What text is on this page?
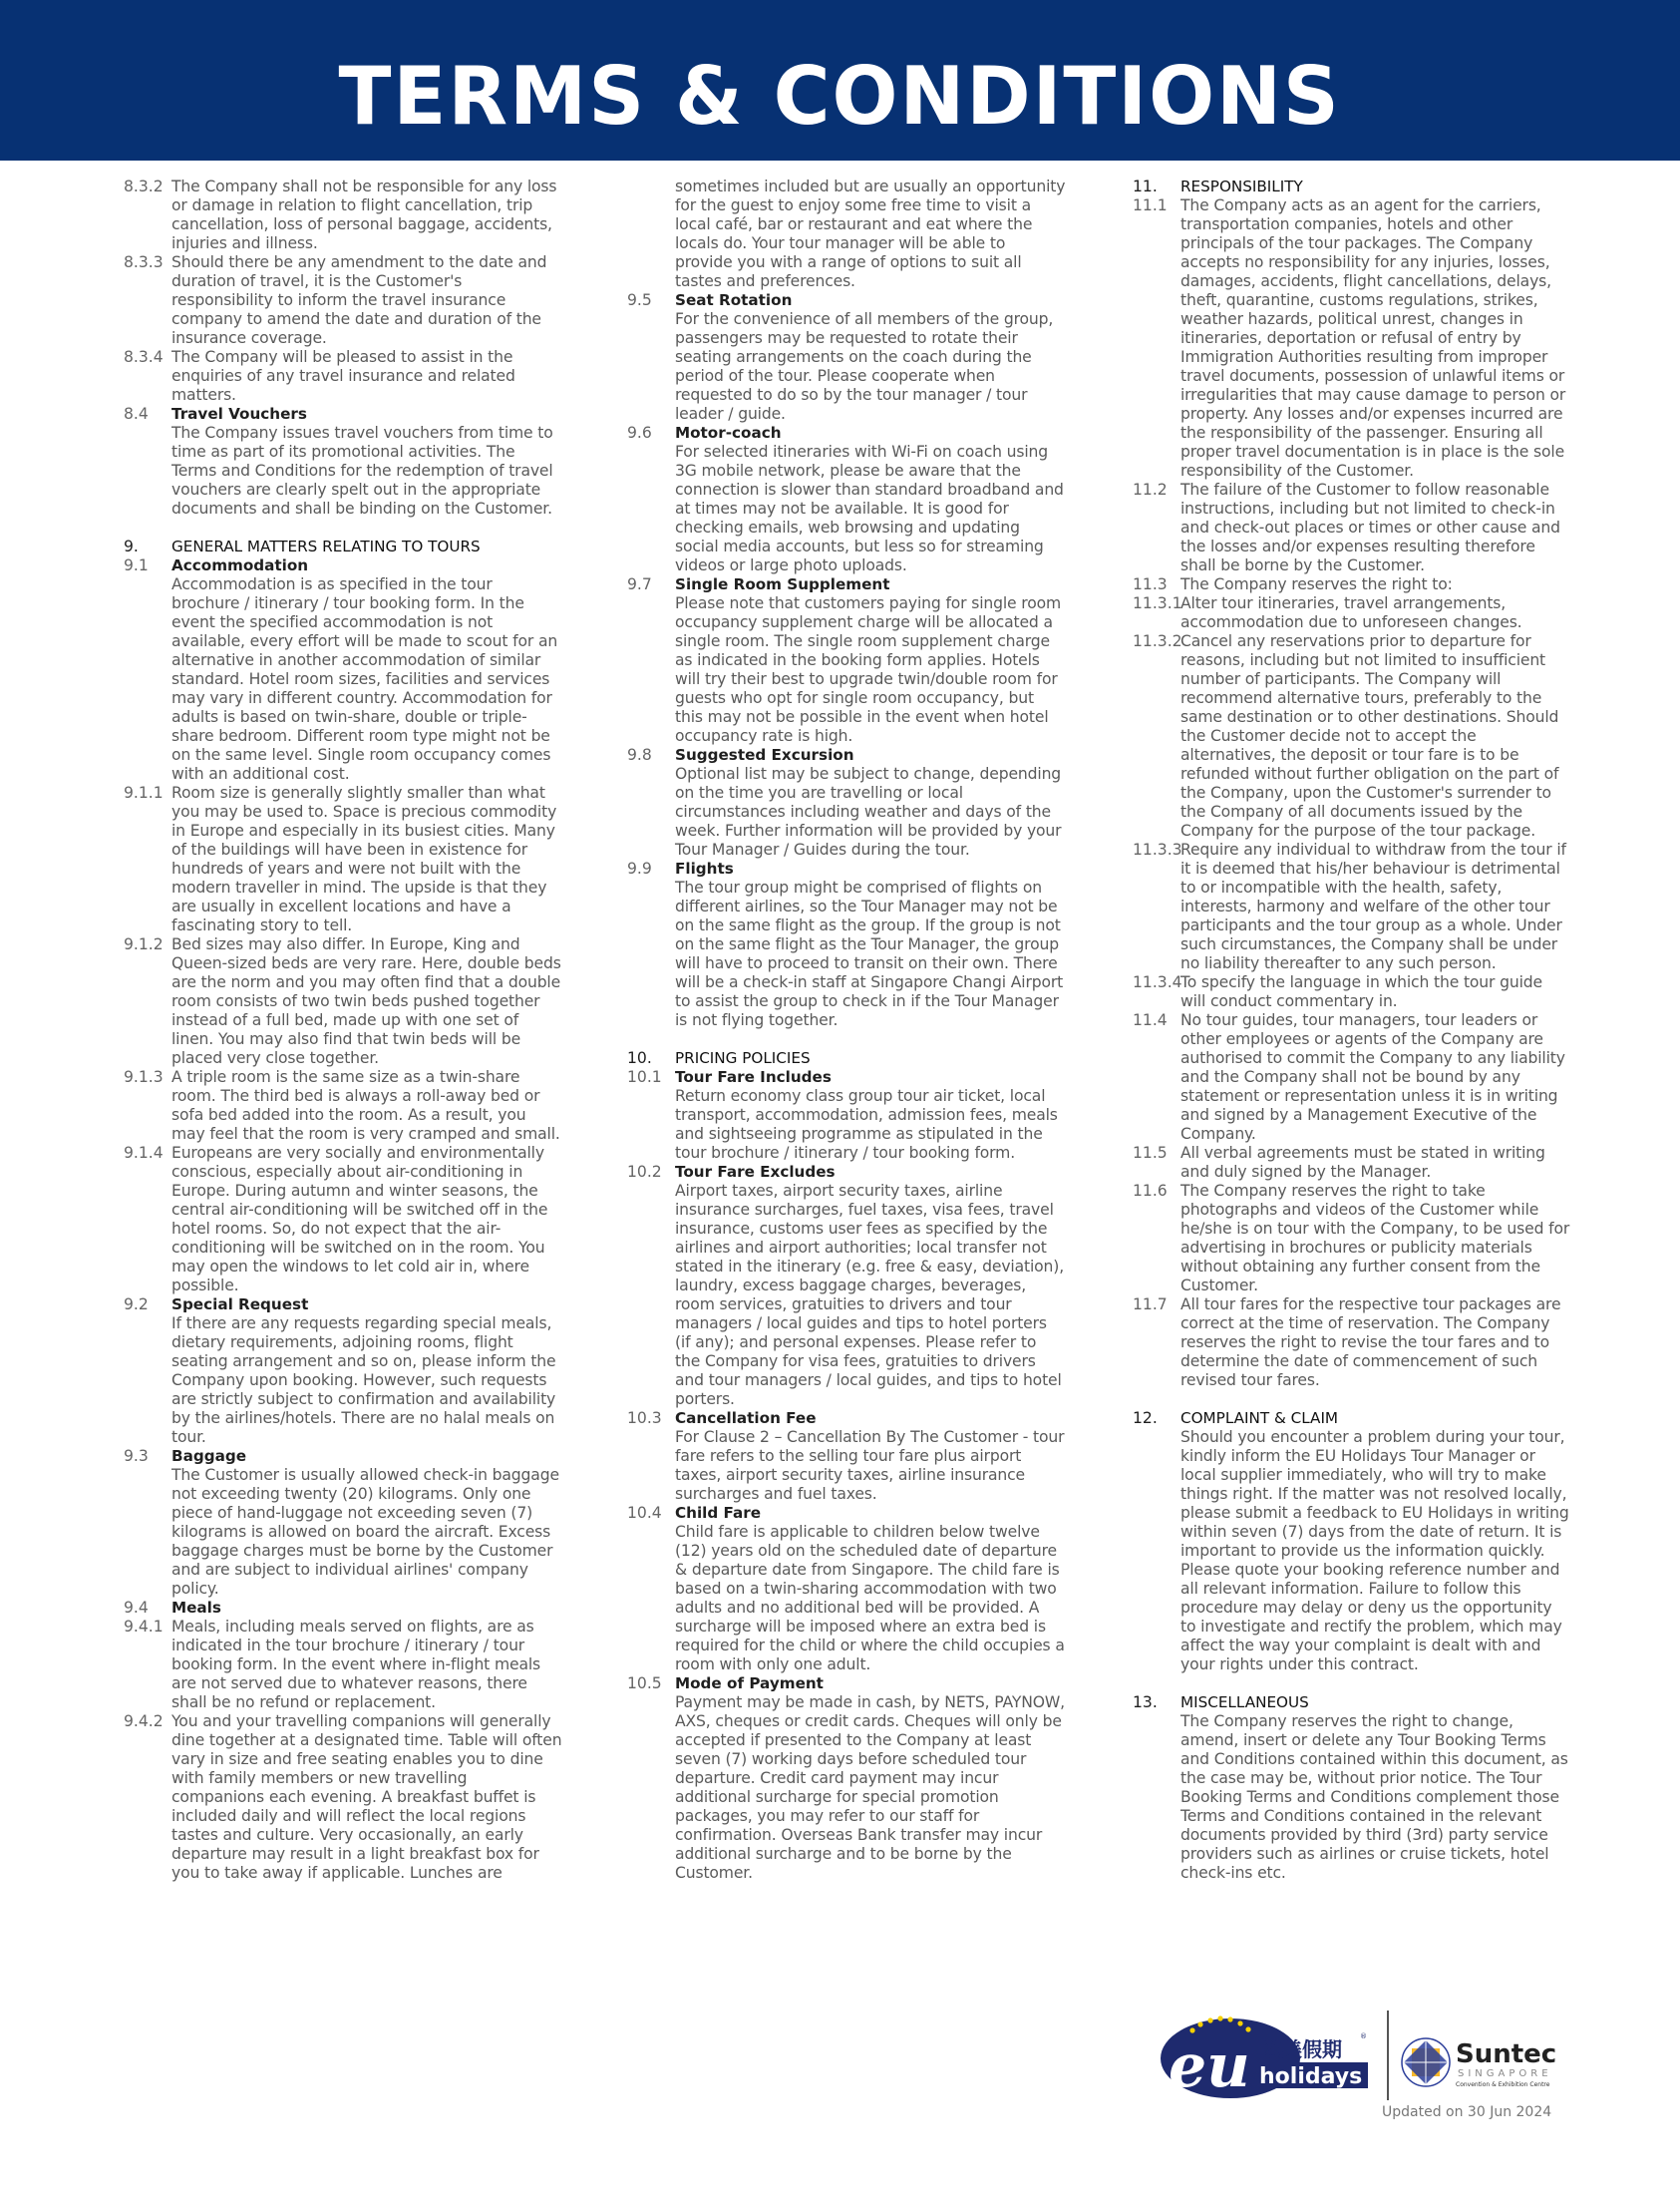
TERMS & CONDITIONS
8.3.2 The Company shall not be responsible for any loss or damage in relation to flight cancellation, trip cancellation, loss of personal baggage, accidents, injuries and illness.
8.3.3 Should there be any amendment to the date and duration of travel, it is the Customer's responsibility to inform the travel insurance company to amend the date and duration of the insurance coverage.
8.3.4 The Company will be pleased to assist in the enquiries of any travel insurance and related matters.
8.4	Travel Vouchers
The Company issues travel vouchers from time to time as part of its promotional activities. The Terms and Conditions for the redemption of travel vouchers are clearly spelt out in the appropriate documents and shall be binding on the Customer.
9.	GENERAL MATTERS RELATING TO TOURS
9.1	Accommodation
Accommodation is as specified in the tour brochure / itinerary / tour booking form. In the event the specified accommodation is not available, every effort will be made to scout for an alternative in another accommodation of similar standard. Hotel room sizes, facilities and services may vary in different country. Accommodation for adults is based on twin-share, double or triple-share bedroom. Different room type might not be on the same level. Single room occupancy comes with an additional cost.
9.1.1 Room size is generally slightly smaller than what you may be used to. Space is precious commodity in Europe and especially in its busiest cities. Many of the buildings will have been in existence for hundreds of years and were not built with the modern traveller in mind. The upside is that they are usually in excellent locations and have a fascinating story to tell.
9.1.2 Bed sizes may also differ. In Europe, King and Queen-sized beds are very rare. Here, double beds are the norm and you may often find that a double room consists of two twin beds pushed together instead of a full bed, made up with one set of linen. You may also find that twin beds will be placed very close together.
9.1.3 A triple room is the same size as a twin-share room. The third bed is always a roll-away bed or sofa bed added into the room. As a result, you may feel that the room is very cramped and small.
9.1.4 Europeans are very socially and environmentally conscious, especially about air-conditioning in Europe. During autumn and winter seasons, the central air-conditioning will be switched off in the hotel rooms. So, do not expect that the air-conditioning will be switched on in the room. You may open the windows to let cold air in, where possible.
9.2	Special Request
If there are any requests regarding special meals, dietary requirements, adjoining rooms, flight seating arrangement and so on, please inform the Company upon booking. However, such requests are strictly subject to confirmation and availability by the airlines/hotels. There are no halal meals on tour.
9.3	Baggage
The Customer is usually allowed check-in baggage not exceeding twenty (20) kilograms. Only one piece of hand-luggage not exceeding seven (7) kilograms is allowed on board the aircraft. Excess baggage charges must be borne by the Customer and are subject to individual airlines' company policy.
9.4	Meals
9.4.1 Meals, including meals served on flights, are as indicated in the tour brochure / itinerary / tour booking form. In the event where in-flight meals are not served due to whatever reasons, there shall be no refund or replacement.
9.4.2 You and your travelling companions will generally dine together at a designated time. Table will often vary in size and free seating enables you to dine with family members or new travelling companions each evening. A breakfast buffet is included daily and will reflect the local regions tastes and culture. Very occasionally, an early departure may result in a light breakfast box for you to take away if applicable. Lunches are
sometimes included but are usually an opportunity for the guest to enjoy some free time to visit a local café, bar or restaurant and eat where the locals do. Your tour manager will be able to provide you with a range of options to suit all tastes and preferences.
9.5	Seat Rotation
For the convenience of all members of the group, passengers may be requested to rotate their seating arrangements on the coach during the period of the tour. Please cooperate when requested to do so by the tour manager / tour leader / guide.
9.6	Motor-coach
For selected itineraries with Wi-Fi on coach using 3G mobile network, please be aware that the connection is slower than standard broadband and at times may not be available. It is good for checking emails, web browsing and updating social media accounts, but less so for streaming videos or large photo uploads.
9.7	Single Room Supplement
Please note that customers paying for single room occupancy supplement charge will be allocated a single room. The single room supplement charge as indicated in the booking form applies. Hotels will try their best to upgrade twin/double room for guests who opt for single room occupancy, but this may not be possible in the event when hotel occupancy rate is high.
9.8	Suggested Excursion
Optional list may be subject to change, depending on the time you are travelling or local circumstances including weather and days of the week. Further information will be provided by your Tour Manager / Guides during the tour.
9.9	Flights
The tour group might be comprised of flights on different airlines, so the Tour Manager may not be on the same flight as the group. If the group is not on the same flight as the Tour Manager, the group will have to proceed to transit on their own. There will be a check-in staff at Singapore Changi Airport to assist the group to check in if the Tour Manager is not flying together.
10.	PRICING POLICIES
10.1 Tour Fare Includes
Return economy class group tour air ticket, local transport, accommodation, admission fees, meals and sightseeing programme as stipulated in the tour brochure / itinerary / tour booking form.
10.2 Tour Fare Excludes
Airport taxes, airport security taxes, airline insurance surcharges, fuel taxes, visa fees, travel insurance, customs user fees as specified by the airlines and airport authorities; local transfer not stated in the itinerary (e.g. free & easy, deviation), laundry, excess baggage charges, beverages, room services, gratuities to drivers and tour managers / local guides and tips to hotel porters (if any); and personal expenses. Please refer to the Company for visa fees, gratuities to drivers and tour managers / local guides, and tips to hotel porters.
10.3 Cancellation Fee
For Clause 2 – Cancellation By The Customer - tour fare refers to the selling tour fare plus airport taxes, airport security taxes, airline insurance surcharges and fuel taxes.
10.4 Child Fare
Child fare is applicable to children below twelve (12) years old on the scheduled date of departure & departure date from Singapore. The child fare is based on a twin-sharing accommodation with two adults and no additional bed will be provided. A surcharge will be imposed where an extra bed is required for the child or where the child occupies a room with only one adult.
10.5 Mode of Payment
Payment may be made in cash, by NETS, PAYNOW, AXS, cheques or credit cards. Cheques will only be accepted if presented to the Company at least seven (7) working days before scheduled tour departure. Credit card payment may incur additional surcharge for special promotion packages, you may refer to our staff for confirmation. Overseas Bank transfer may incur additional surcharge and to be borne by the Customer.
11.	RESPONSIBILITY
11.1 The Company acts as an agent for the carriers, transportation companies, hotels and other principals of the tour packages. The Company accepts no responsibility for any injuries, losses, damages, accidents, flight cancellations, delays, theft, quarantine, customs regulations, strikes, weather hazards, political unrest, changes in itineraries, deportation or refusal of entry by Immigration Authorities resulting from improper travel documents, possession of unlawful items or irregularities that may cause damage to person or property. Any losses and/or expenses incurred are the responsibility of the passenger. Ensuring all proper travel documentation is in place is the sole responsibility of the Customer.
11.2 The failure of the Customer to follow reasonable instructions, including but not limited to check-in and check-out places or times or other cause and the losses and/or expenses resulting therefore shall be borne by the Customer.
11.3 The Company reserves the right to:
11.3.1
Alter tour itineraries, travel arrangements, accommodation due to unforeseen changes.
11.3.2
Cancel any reservations prior to departure for reasons, including but not limited to insufficient number of participants. The Company will recommend alternative tours, preferably to the same destination or to other destinations. Should the Customer decide not to accept the alternatives, the deposit or tour fare is to be refunded without further obligation on the part of the Company, upon the Customer's surrender to the Company of all documents issued by the Company for the purpose of the tour package.
11.3.3
Require any individual to withdraw from the tour if it is deemed that his/her behaviour is detrimental to or incompatible with the health, safety, interests, harmony and welfare of the other tour participants and the tour group as a whole. Under such circumstances, the Company shall be under no liability thereafter to any such person.
11.3.4
To specify the language in which the tour guide will conduct commentary in.
11.4 No tour guides, tour managers, tour leaders or other employees or agents of the Company are authorised to commit the Company to any liability and the Company shall not be bound by any statement or representation unless it is in writing and signed by a Management Executive of the Company.
11.5 All verbal agreements must be stated in writing and duly signed by the Manager.
11.6 The Company reserves the right to take photographs and videos of the Customer while he/she is on tour with the Company, to be used for advertising in brochures or publicity materials without obtaining any further consent from the Customer.
11.7 All tour fares for the respective tour packages are correct at the time of reservation. The Company reserves the right to revise the tour fares and to determine the date of commencement of such revised tour fares.
12.	COMPLAINT & CLAIM
Should you encounter a problem during your tour, kindly inform the EU Holidays Tour Manager or local supplier immediately, who will try to make things right. If the matter was not resolved locally, please submit a feedback to EU Holidays in writing within seven (7) days from the date of return. It is important to provide us the information quickly. Please quote your booking reference number and all relevant information. Failure to follow this procedure may delay or deny us the opportunity to investigate and rectify the problem, which may affect the way your complaint is dealt with and your rights under this contract.
13.	MISCELLANEOUS
The Company reserves the right to change, amend, insert or delete any Tour Booking Terms and Conditions contained within this document, as the case may be, without prior notice. The Tour Booking Terms and Conditions complement those Terms and Conditions contained in the relevant documents provided by third (3rd) party service providers such as airlines or cruise tickets, hotel check-ins etc.
eu holidays
欧美假期
®
Suntec
SINGAPORE
Convention & Exhibition Centre
Updated on 30 Jun 2024
